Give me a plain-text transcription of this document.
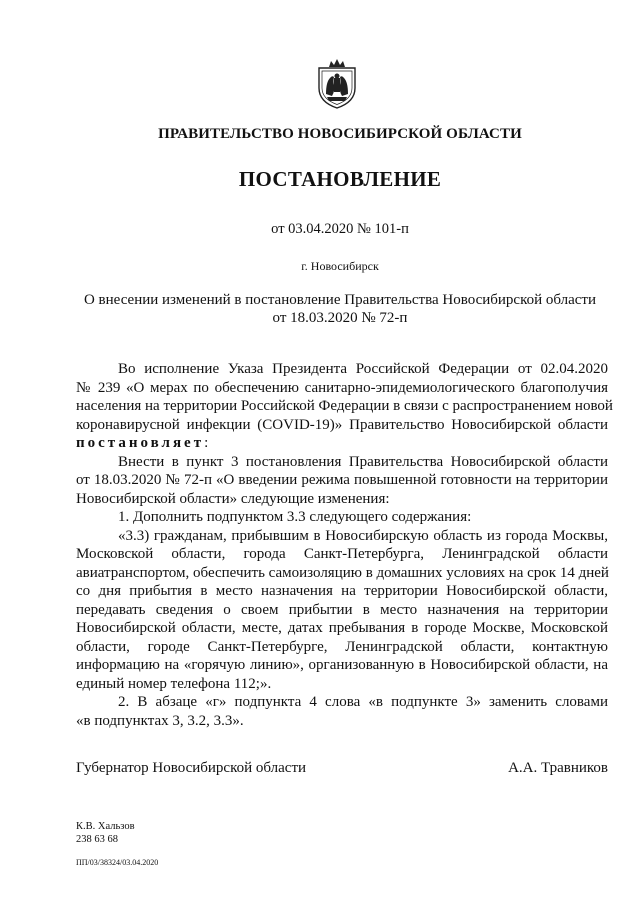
ПРАВИТЕЛЬСТВО НОВОСИБИРСКОЙ ОБЛАСТИ
ПОСТАНОВЛЕНИЕ
от 03.04.2020 № 101-п
г. Новосибирск
О внесении изменений в постановление Правительства Новосибирской области
от 18.03.2020 № 72-п
Во исполнение Указа Президента Российской Федерации от 02.04.2020
№ 239 «О мерах по обеспечению санитарно-эпидемиологического благополучия
населения на территории Российской Федерации в связи с распространением новой
коронавирусной инфекции (COVID-19)» Правительство Новосибирской области
постановляет:
Внести в пункт 3 постановления Правительства Новосибирской области
от 18.03.2020 № 72-п «О введении режима повышенной готовности на территории
Новосибирской области» следующие изменения:
1. Дополнить подпунктом 3.3 следующего содержания:
«3.3) гражданам, прибывшим в Новосибирскую область из города Москвы,
Московской области, города Санкт-Петербурга, Ленинградской области
авиатранспортом, обеспечить самоизоляцию в домашних условиях на срок 14 дней
со дня прибытия в место назначения на территории Новосибирской области,
передавать сведения о своем прибытии в место назначения на территории
Новосибирской области, месте, датах пребывания в городе Москве, Московской
области, городе Санкт-Петербурге, Ленинградской области, контактную
информацию на «горячую линию», организованную в Новосибирской области, на
единый номер телефона 112;».
2. В абзаце «г» подпункта 4 слова «в подпункте 3» заменить словами
«в подпунктах 3, 3.2, 3.3».
Губернатор Новосибирской области	А.А. Травников
К.В. Хальзов
238 63 68
ПП/03/38324/03.04.2020
